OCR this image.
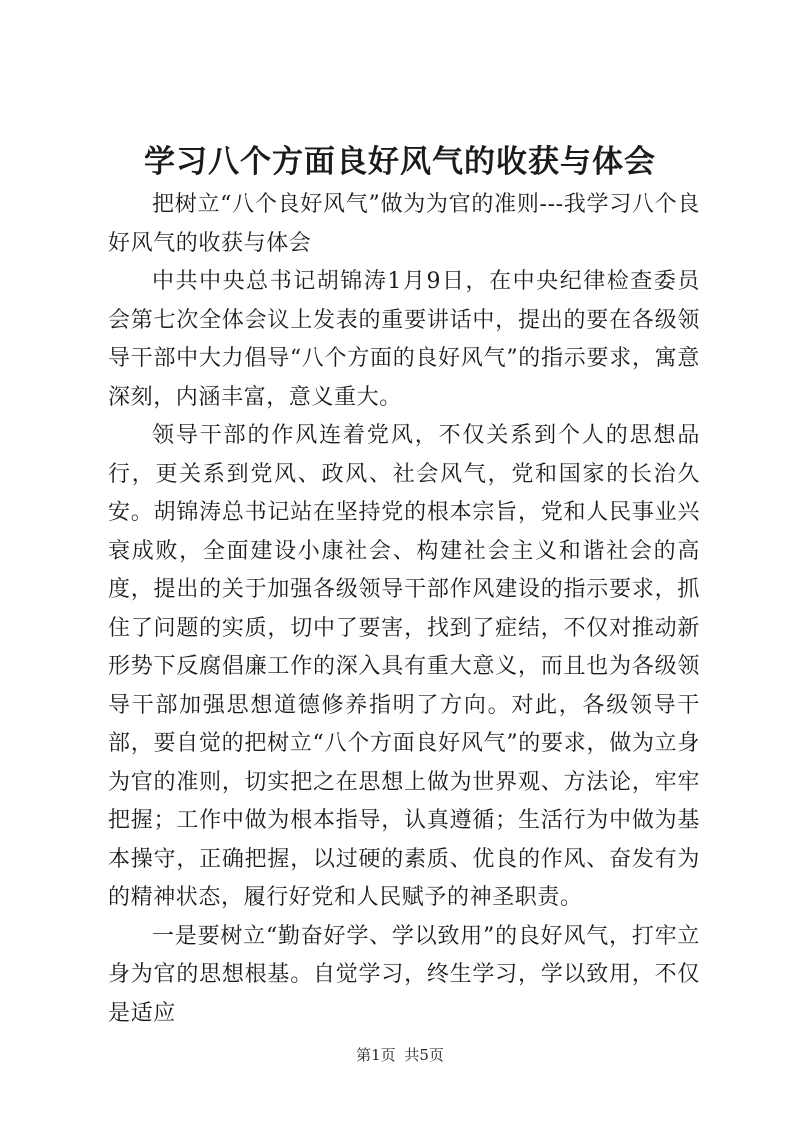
学习八个方面良好风气的收获与体会

把树立“八个良好风气”做为为官的准则---我学习八个良好风气的收获与体会

中共中央总书记胡锦涛1月9日，在中央纪律检查委员会第七次全体会议上发表的重要讲话中，提出的要在各级领导干部中大力倡导“八个方面的良好风气”的指示要求，寓意深刻，内涵丰富，意义重大。

领导干部的作风连着党风，不仅关系到个人的思想品行，更关系到党风、政风、社会风气，党和国家的长治久安。胡锦涛总书记站在坚持党的根本宗旨，党和人民事业兴衰成败，全面建设小康社会、构建社会主义和谐社会的高度，提出的关于加强各级领导干部作风建设的指示要求，抓住了问题的实质，切中了要害，找到了症结，不仅对推动新形势下反腐倡廉工作的深入具有重大意义，而且也为各级领导干部加强思想道德修养指明了方向。对此，各级领导干部，要自觉的把树立“八个方面良好风气”的要求，做为立身为官的准则，切实把之在思想上做为世界观、方法论，牢牢把握；工作中做为根本指导，认真遵循；生活行为中做为基本操守，正确把握，以过硬的素质、优良的作风、奋发有为的精神状态，履行好党和人民赋予的神圣职责。

一是要树立“勤奋好学、学以致用”的良好风气，打牢立身为官的思想根基。自觉学习，终生学习，学以致用，不仅是适应

第1页 共5页
